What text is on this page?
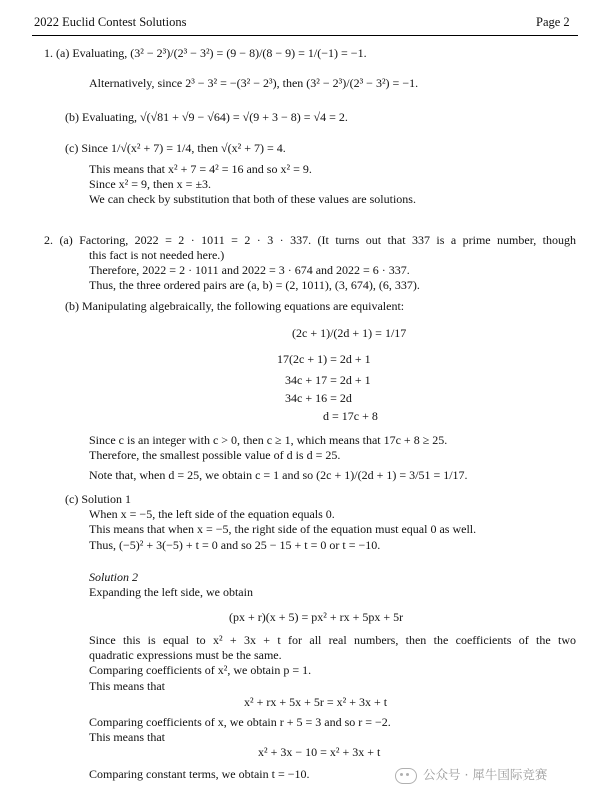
2022 Euclid Contest Solutions	Page 2
1. (a) Evaluating, (3² − 2³)/(2³ − 3²) = (9 − 8)/(8 − 9) = 1/(−1) = −1.
Alternatively, since 2³ − 3² = −(3² − 2³), then (3² − 2³)/(2³ − 3²) = −1.
(b) Evaluating, √(√81 + √9 − √64) = √(9 + 3 − 8) = √4 = 2.
(c) Since 1/√(x² + 7) = 1/4, then √(x² + 7) = 4.
This means that x² + 7 = 4² = 16 and so x² = 9.
Since x² = 9, then x = ±3.
We can check by substitution that both of these values are solutions.
2. (a) Factoring, 2022 = 2 · 1011 = 2 · 3 · 337. (It turns out that 337 is a prime number, though
this fact is not needed here.)
Therefore, 2022 = 2 · 1011 and 2022 = 3 · 674 and 2022 = 6 · 337.
Thus, the three ordered pairs are (a, b) = (2, 1011), (3, 674), (6, 337).
(b) Manipulating algebraically, the following equations are equivalent:
(2c + 1)/(2d + 1) = 1/17
17(2c + 1) = 2d + 1
34c + 17 = 2d + 1
34c + 16 = 2d
d = 17c + 8
Since c is an integer with c > 0, then c ≥ 1, which means that 17c + 8 ≥ 25.
Therefore, the smallest possible value of d is d = 25.
Note that, when d = 25, we obtain c = 1 and so (2c + 1)/(2d + 1) = 3/51 = 1/17.
(c) Solution 1
When x = −5, the left side of the equation equals 0.
This means that when x = −5, the right side of the equation must equal 0 as well.
Thus, (−5)² + 3(−5) + t = 0 and so 25 − 15 + t = 0 or t = −10.
Solution 2
Expanding the left side, we obtain
(px + r)(x + 5) = px² + rx + 5px + 5r
Since this is equal to x² + 3x + t for all real numbers, then the coefficients of the two
quadratic expressions must be the same.
Comparing coefficients of x², we obtain p = 1.
This means that
x² + rx + 5x + 5r = x² + 3x + t
Comparing coefficients of x, we obtain r + 5 = 3 and so r = −2.
This means that
x² + 3x − 10 = x² + 3x + t
Comparing constant terms, we obtain t = −10.	公众号 · 犀牛国际竞赛
